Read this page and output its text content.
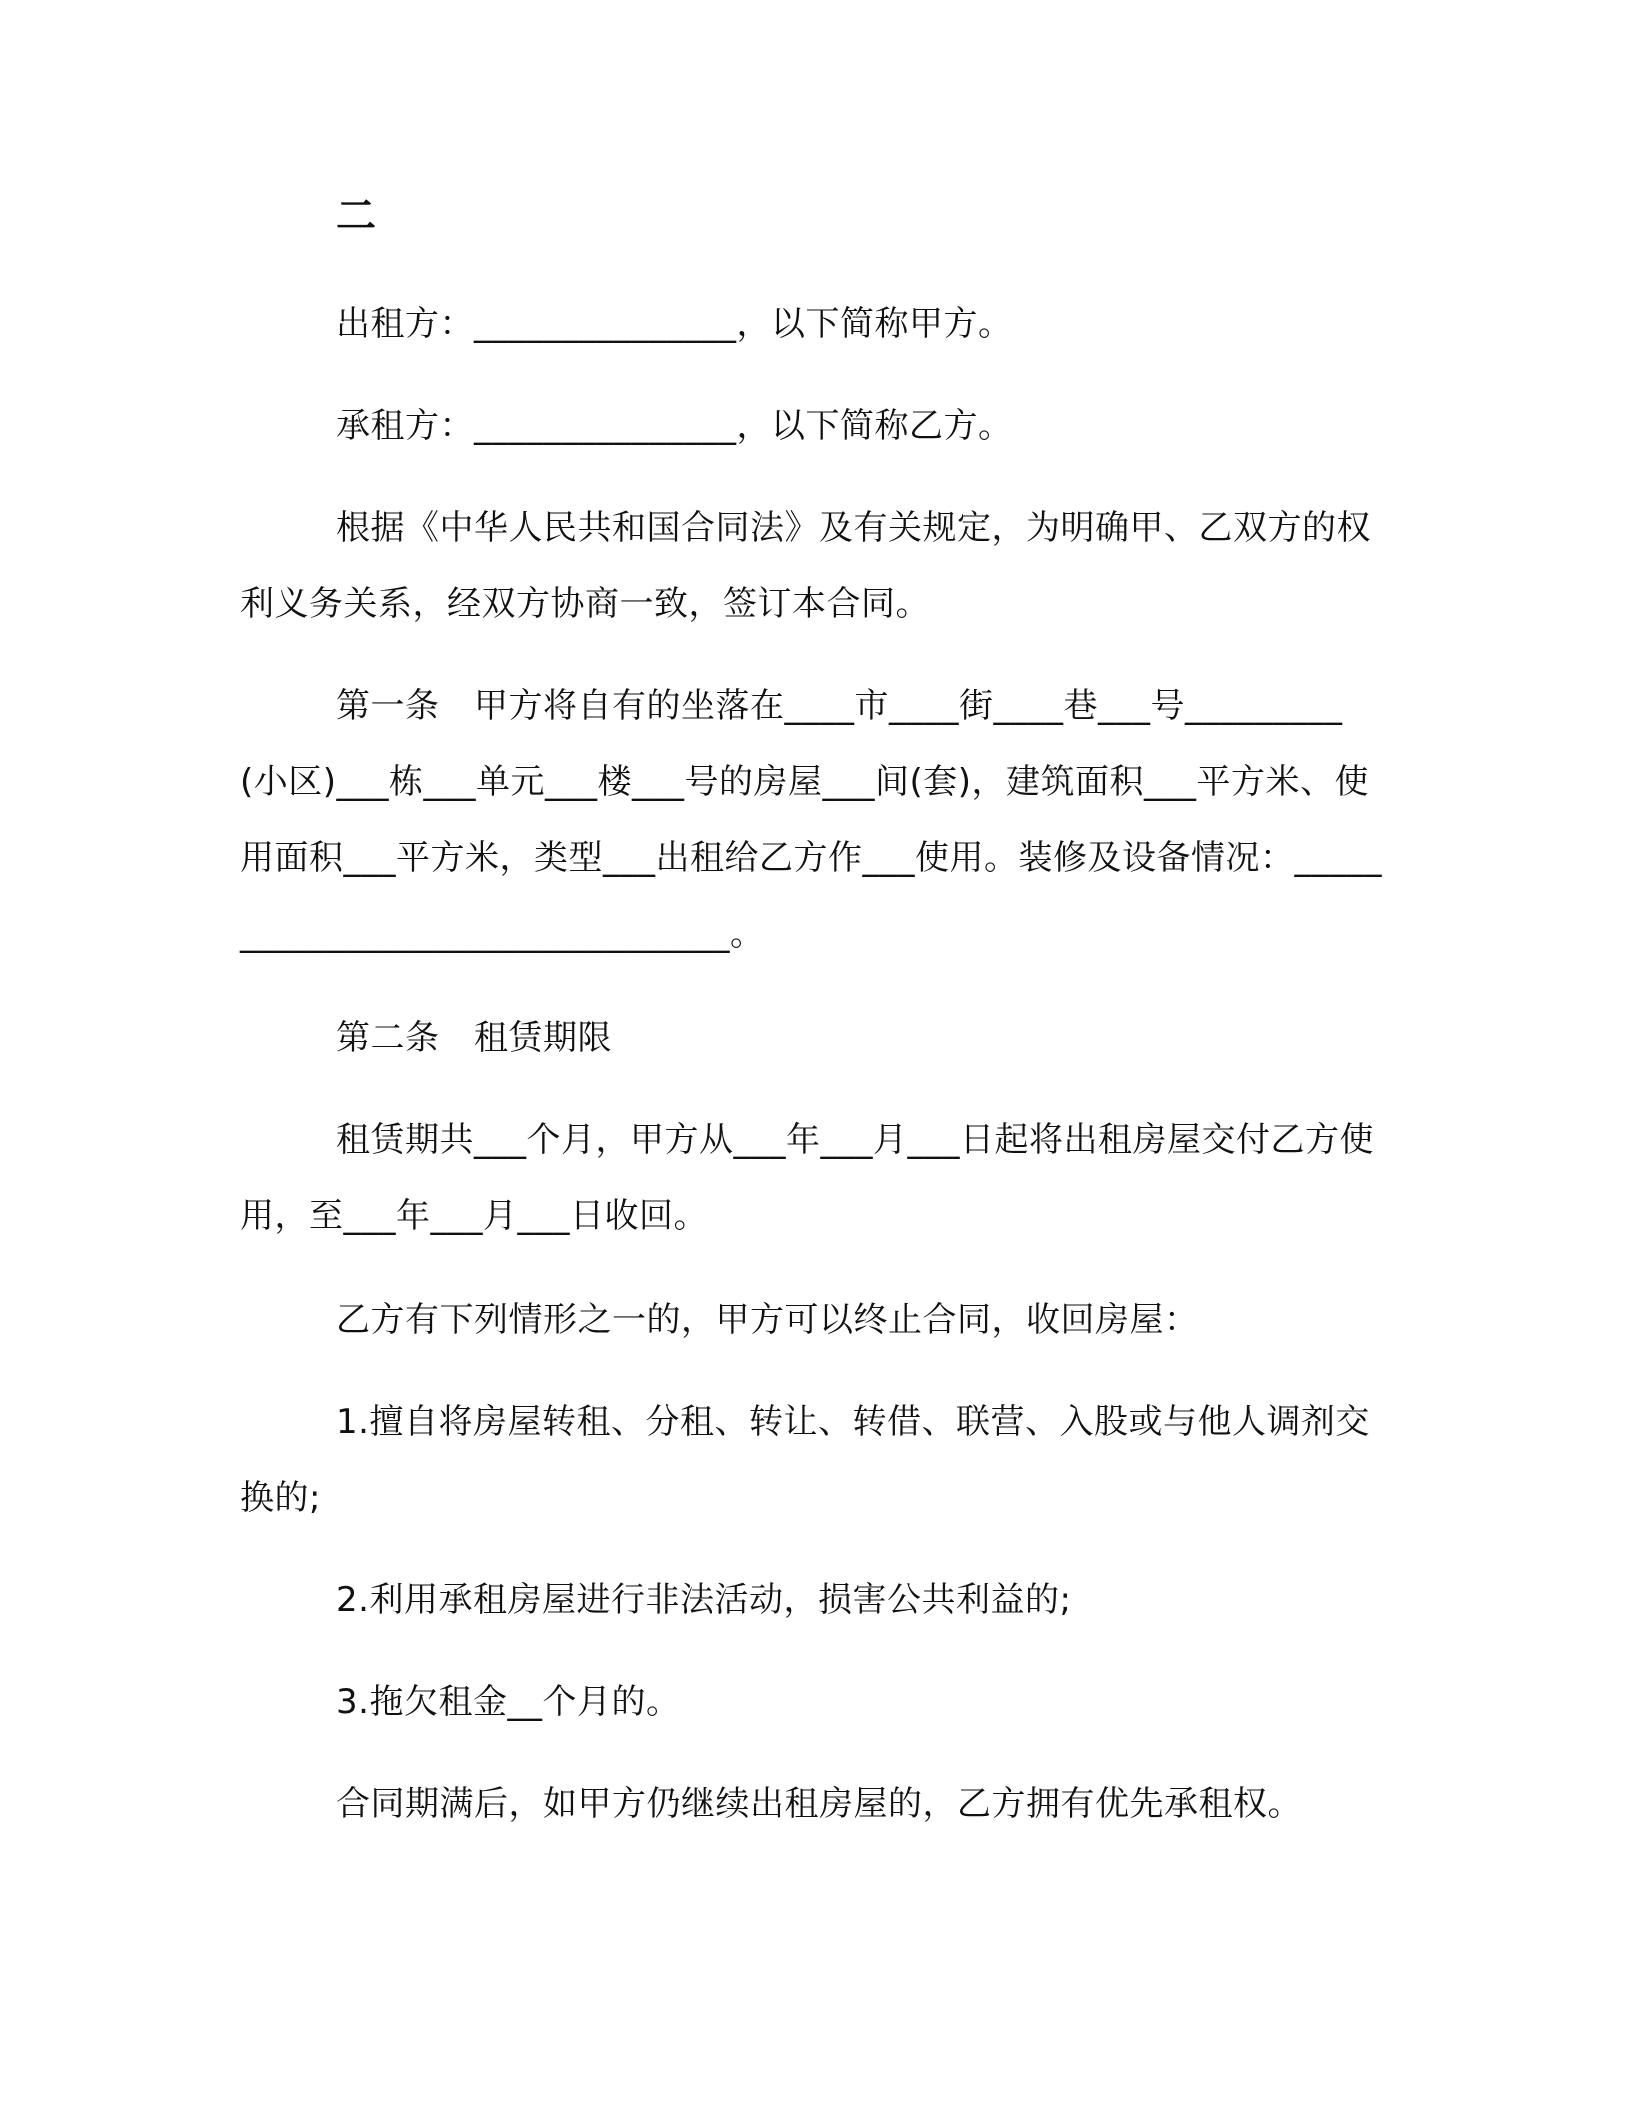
二
出租方：_______________，以下简称甲方。
承租方：_______________，以下简称乙方。
根据《中华人民共和国合同法》及有关规定，为明确甲、乙双方的权利义务关系，经双方协商一致，签订本合同。
第一条　甲方将自有的坐落在____市____街____巷___号_________(小区)___栋___单元___楼___号的房屋___间(套)，建筑面积___平方米、使用面积___平方米，类型___出租给乙方作___使用。装修及设备情况：_________________________________。
第二条　租赁期限
租赁期共___个月，甲方从___年___月___日起将出租房屋交付乙方使用，至___年___月___日收回。
乙方有下列情形之一的，甲方可以终止合同，收回房屋：
1.擅自将房屋转租、分租、转让、转借、联营、入股或与他人调剂交换的;
2.利用承租房屋进行非法活动，损害公共利益的;
3.拖欠租金__个月的。
合同期满后，如甲方仍继续出租房屋的，乙方拥有优先承租权。
